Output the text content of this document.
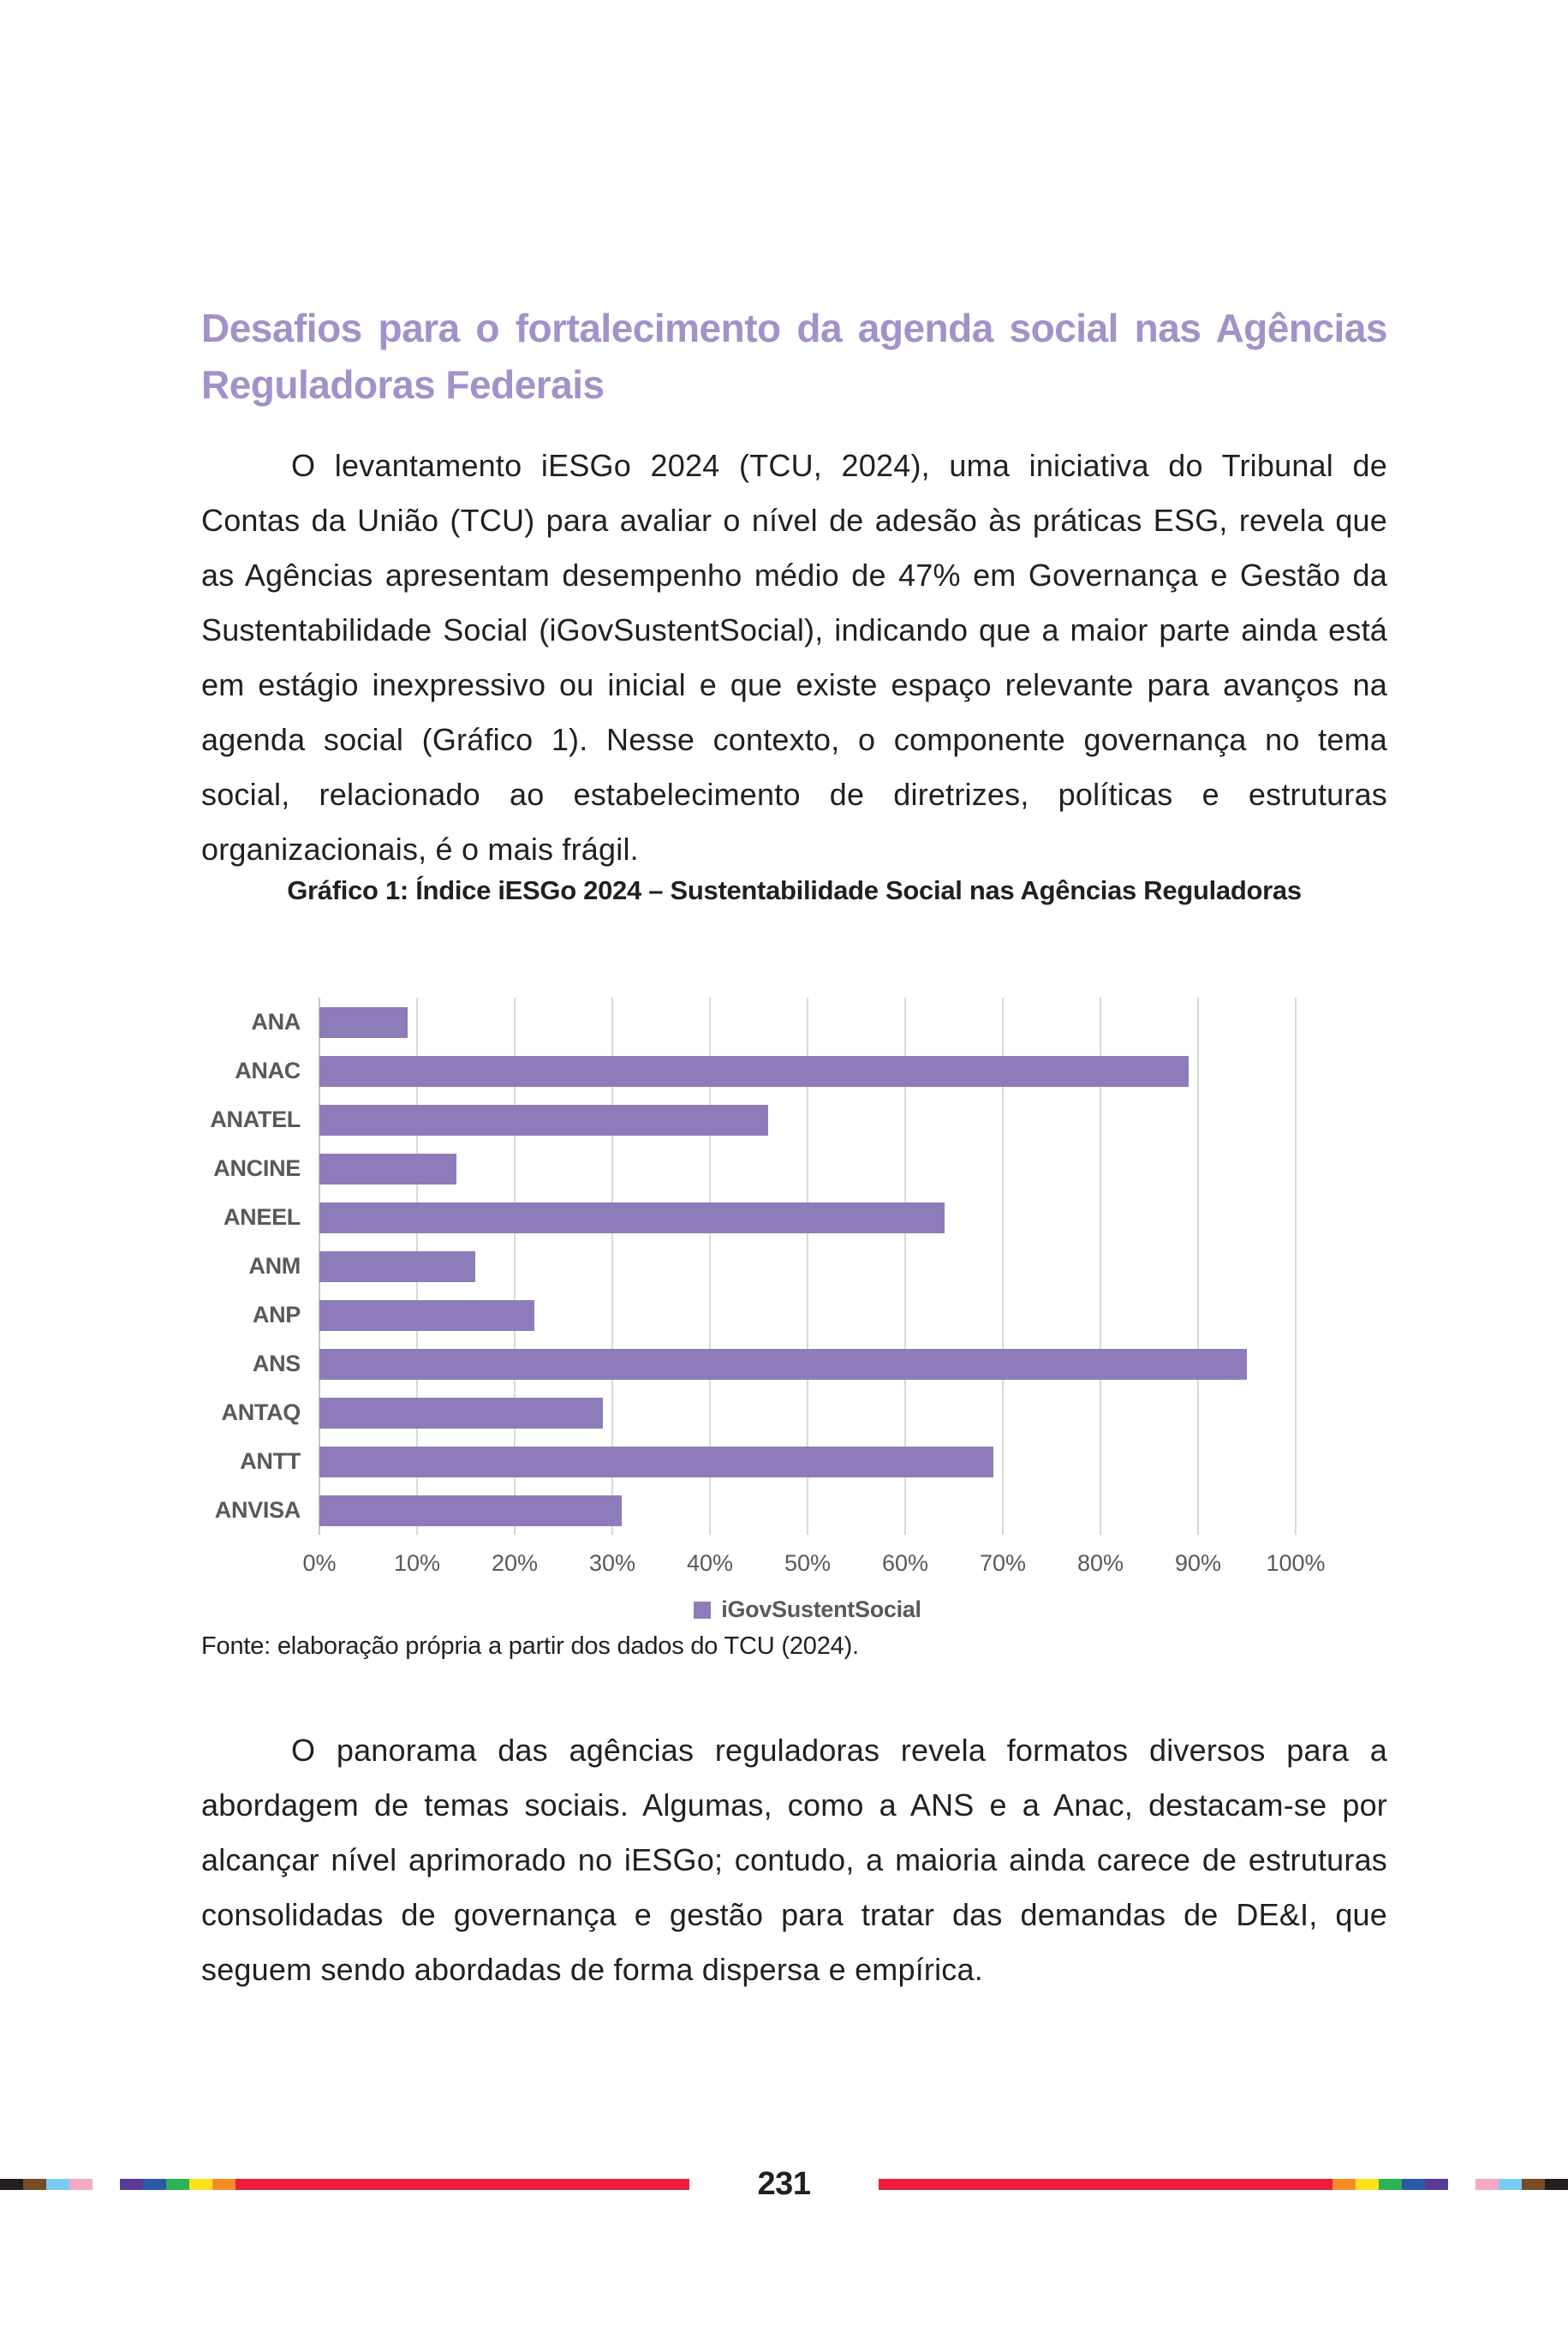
Desafios para o fortalecimento da agenda social nas Agências Reguladoras Federais

O levantamento iESGo 2024 (TCU, 2024), uma iniciativa do Tribunal de Contas da União (TCU) para avaliar o nível de adesão às práticas ESG, revela que as Agências apresentam desempenho médio de 47% em Governança e Gestão da Sustentabilidade Social (iGovSustentSocial), indicando que a maior parte ainda está em estágio inexpressivo ou inicial e que existe espaço relevante para avanços na agenda social (Gráfico 1). Nesse contexto, o componente governança no tema social, relacionado ao estabelecimento de diretrizes, políticas e estruturas organizacionais, é o mais frágil.

Gráfico 1: Índice iESGo 2024 – Sustentabilidade Social nas Agências Reguladoras

ANA
ANAC
ANATEL
ANCINE
ANEEL
ANM
ANP
ANS
ANTAQ
ANTT
ANVISA
0% 10% 20% 30% 40% 50% 60% 70% 80% 90% 100%
iGovSustentSocial

Fonte: elaboração própria a partir dos dados do TCU (2024).

O panorama das agências reguladoras revela formatos diversos para a abordagem de temas sociais. Algumas, como a ANS e a Anac, destacam-se por alcançar nível aprimorado no iESGo; contudo, a maioria ainda carece de estruturas consolidadas de governança e gestão para tratar das demandas de DE&I, que seguem sendo abordadas de forma dispersa e empírica.

231
